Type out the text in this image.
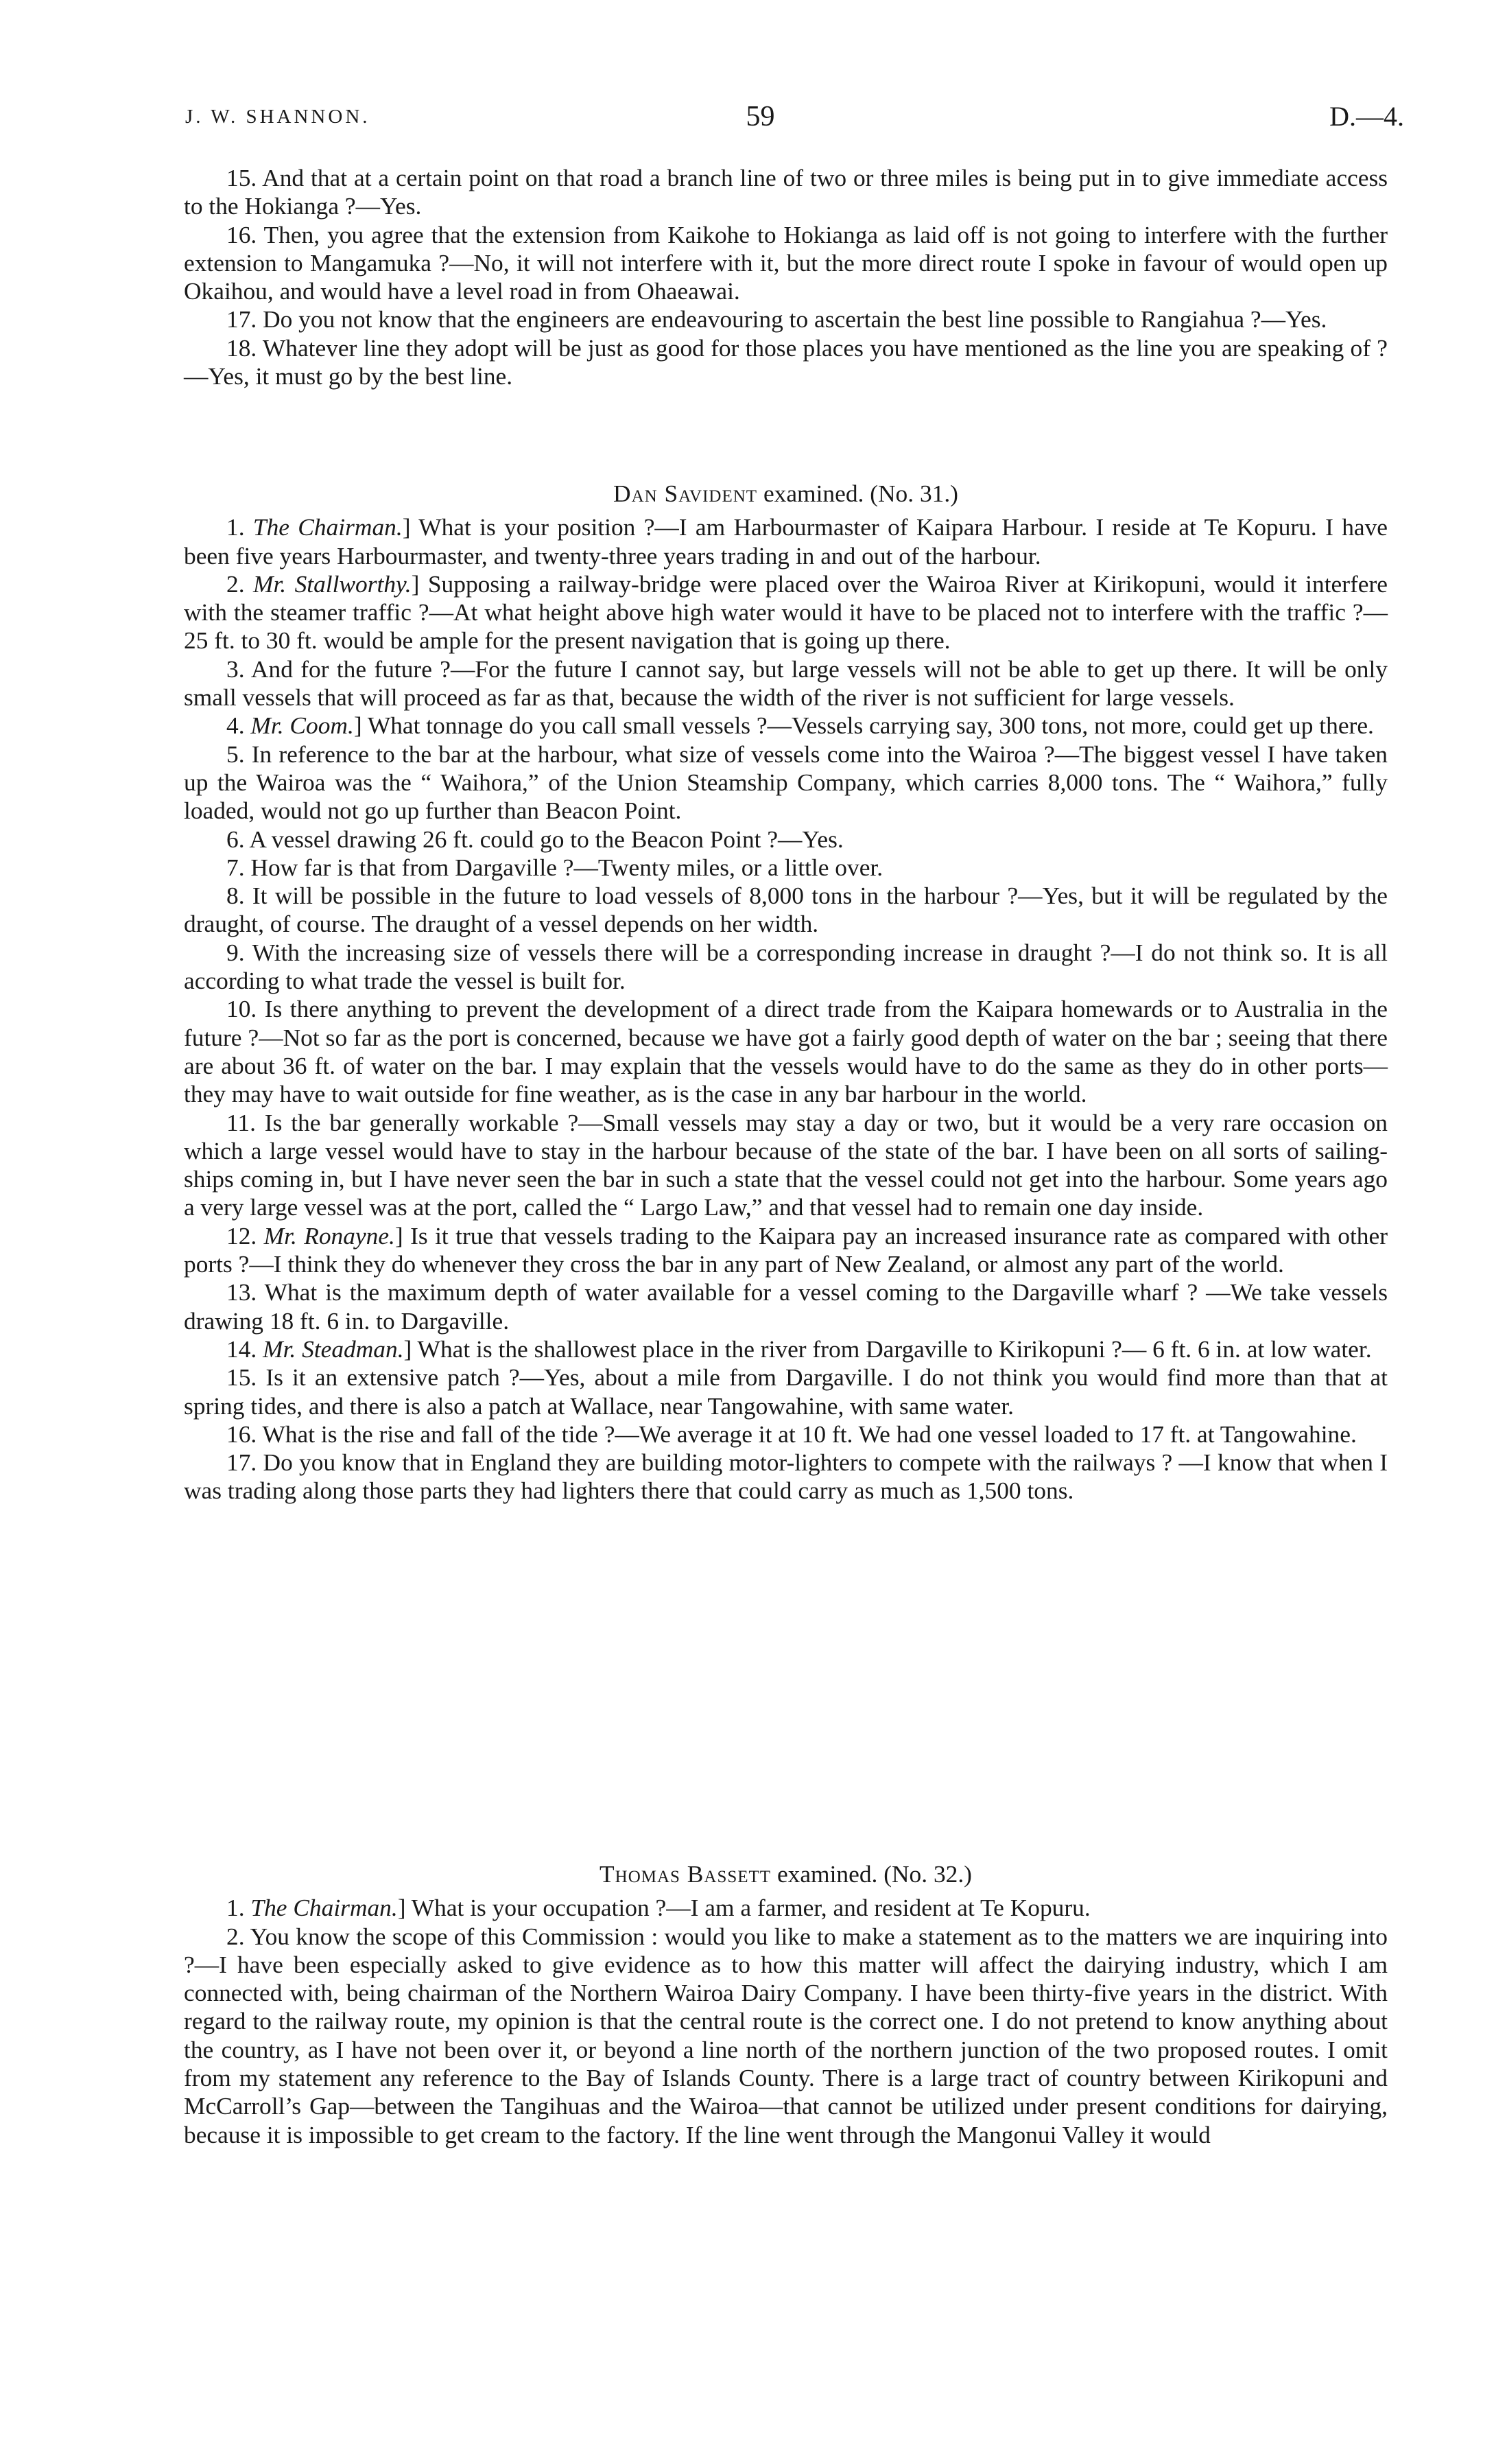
J. W. SHANNON.	59	D.—4.

15. And that at a certain point on that road a branch line of two or three miles is being put in to give immediate access to the Hokianga ?—Yes.

16. Then, you agree that the extension from Kaikohe to Hokianga as laid off is not going to interfere with the further extension to Mangamuka ?—No, it will not interfere with it, but the more direct route I spoke in favour of would open up Okaihou, and would have a level road in from Ohaeawai.

17. Do you not know that the engineers are endeavouring to ascertain the best line possible to Rangiahua ?—Yes.

18. Whatever line they adopt will be just as good for those places you have mentioned as the line you are speaking of ?—Yes, it must go by the best line.

Dan Savident examined. (No. 31.)

1. The Chairman.] What is your position ?—I am Harbourmaster of Kaipara Harbour. I reside at Te Kopuru. I have been five years Harbourmaster, and twenty-three years trading in and out of the harbour.

2. Mr. Stallworthy.] Supposing a railway-bridge were placed over the Wairoa River at Kirikopuni, would it interfere with the steamer traffic ?—At what height above high water would it have to be placed not to interfere with the traffic ?—25 ft. to 30 ft. would be ample for the present navigation that is going up there.

3. And for the future ?—For the future I cannot say, but large vessels will not be able to get up there. It will be only small vessels that will proceed as far as that, because the width of the river is not sufficient for large vessels.

4. Mr. Coom.] What tonnage do you call small vessels ?—Vessels carrying say, 300 tons, not more, could get up there.

5. In reference to the bar at the harbour, what size of vessels come into the Wairoa ?—The biggest vessel I have taken up the Wairoa was the “ Waihora,” of the Union Steamship Company, which carries 8,000 tons. The “ Waihora,” fully loaded, would not go up further than Beacon Point.

6. A vessel drawing 26 ft. could go to the Beacon Point ?—Yes.

7. How far is that from Dargaville ?—Twenty miles, or a little over.

8. It will be possible in the future to load vessels of 8,000 tons in the harbour ?—Yes, but it will be regulated by the draught, of course. The draught of a vessel depends on her width.

9. With the increasing size of vessels there will be a corresponding increase in draught ?—I do not think so. It is all according to what trade the vessel is built for.

10. Is there anything to prevent the development of a direct trade from the Kaipara homewards or to Australia in the future ?—Not so far as the port is concerned, because we have got a fairly good depth of water on the bar ; seeing that there are about 36 ft. of water on the bar. I may explain that the vessels would have to do the same as they do in other ports—they may have to wait outside for fine weather, as is the case in any bar harbour in the world.

11. Is the bar generally workable ?—Small vessels may stay a day or two, but it would be a very rare occasion on which a large vessel would have to stay in the harbour because of the state of the bar. I have been on all sorts of sailing-ships coming in, but I have never seen the bar in such a state that the vessel could not get into the harbour. Some years ago a very large vessel was at the port, called the “ Largo Law,” and that vessel had to remain one day inside.

12. Mr. Ronayne.] Is it true that vessels trading to the Kaipara pay an increased insurance rate as compared with other ports ?—I think they do whenever they cross the bar in any part of New Zealand, or almost any part of the world.

13. What is the maximum depth of water available for a vessel coming to the Dargaville wharf ? —We take vessels drawing 18 ft. 6 in. to Dargaville.

14. Mr. Steadman.] What is the shallowest place in the river from Dargaville to Kirikopuni ?— 6 ft. 6 in. at low water.

15. Is it an extensive patch ?—Yes, about a mile from Dargaville. I do not think you would find more than that at spring tides, and there is also a patch at Wallace, near Tangowahine, with same water.

16. What is the rise and fall of the tide ?—We average it at 10 ft. We had one vessel loaded to 17 ft. at Tangowahine.

17. Do you know that in England they are building motor-lighters to compete with the railways ? —I know that when I was trading along those parts they had lighters there that could carry as much as 1,500 tons.

Thomas Bassett examined. (No. 32.)

1. The Chairman.] What is your occupation ?—I am a farmer, and resident at Te Kopuru.

2. You know the scope of this Commission : would you like to make a statement as to the matters we are inquiring into ?—I have been especially asked to give evidence as to how this matter will affect the dairying industry, which I am connected with, being chairman of the Northern Wairoa Dairy Company. I have been thirty-five years in the district. With regard to the railway route, my opinion is that the central route is the correct one. I do not pretend to know anything about the country, as I have not been over it, or beyond a line north of the northern junction of the two proposed routes. I omit from my statement any reference to the Bay of Islands County. There is a large tract of country between Kirikopuni and McCarroll’s Gap—between the Tangihuas and the Wairoa—that cannot be utilized under present conditions for dairying, because it is impossible to get cream to the factory. If the line went through the Mangonui Valley it would
